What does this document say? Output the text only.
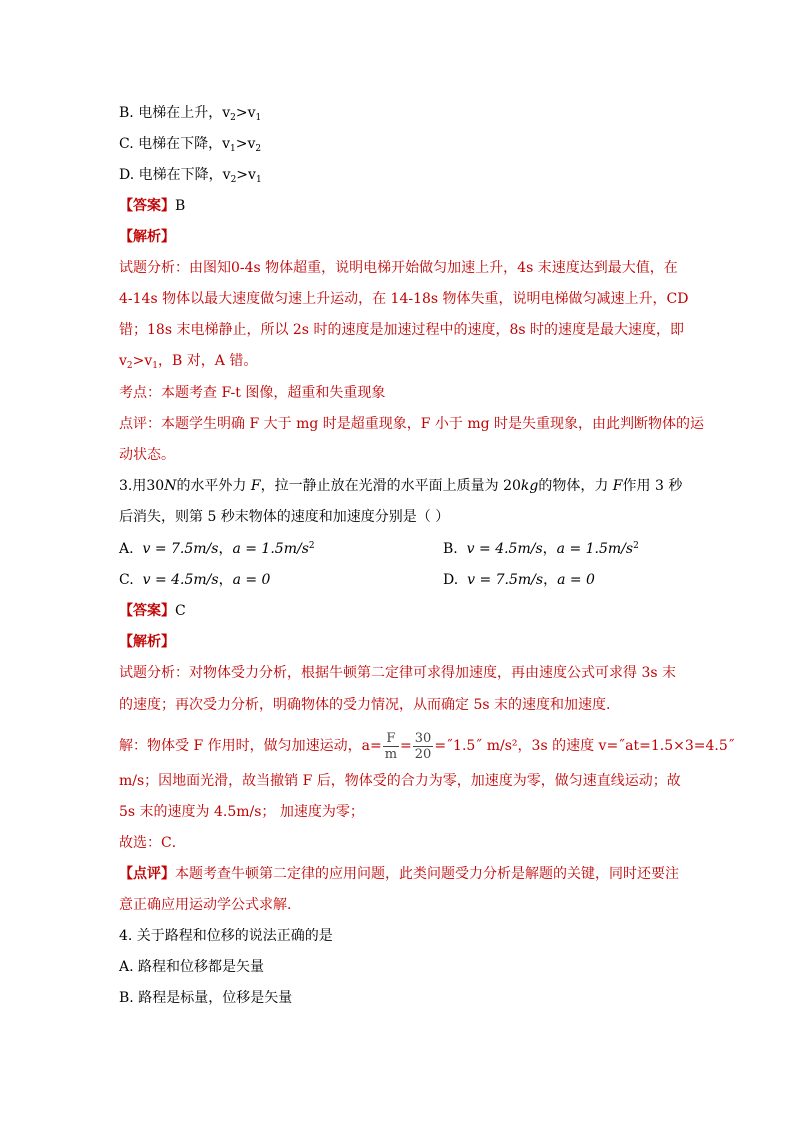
B. 电梯在上升，$v_2>v_1$
C. 电梯在下降，$v_1>v_2$
D. 电梯在下降，$v_2>v_1$
【答案】B
【解析】
试题分析：由图知0-4s 物体超重，说明电梯开始做匀加速上升，4s 末速度达到最大值，在
4-14s 物体以最大速度做匀速上升运动，在 14-18s 物体失重，说明电梯做匀减速上升，CD
错；18s 末电梯静止，所以 2s 时的速度是加速过程中的速度，8s 时的速度是最大速度，即
$v_2>v_1$，B 对，A 错。
考点：本题考查 F-t 图像，超重和失重现象
点评：本题学生明确 F 大于 mg 时是超重现象，F 小于 mg 时是失重现象，由此判断物体的运
动状态。
3.用30N的水平外力 F，拉一静止放在光滑的水平面上质量为 20kg的物体，力 F作用 3 秒
后消失，则第 5 秒末物体的速度和加速度分别是（ ）
A. v = 7.5m/s，$a = 1.5m/s^2$	B. v = 4.5m/s，$a = 1.5m/s^2$
C. v = 4.5m/s，a = 0	D. v = 7.5m/s，a = 0
【答案】C
【解析】
试题分析：对物体受力分析，根据牛顿第二定律可求得加速度，再由速度公式可求得 3s 末
的速度；再次受力分析，明确物体的受力情况，从而确定 5s 末的速度和加速度.
解：物体受 F 作用时，做匀加速运动，$a= \frac{F}{m} = \frac{30}{20}$ =˝1.5˝ m/s²，3s 的速度 v=˝at=1.5×3=4.5˝
m/s；因地面光滑，故当撤销 F 后，物体受的合力为零，加速度为零，做匀速直线运动；故
5s 末的速度为 4.5m/s； 加速度为零；
故选：C．
【点评】本题考查牛顿第二定律的应用问题，此类问题受力分析是解题的关键，同时还要注
意正确应用运动学公式求解.
4. 关于路程和位移的说法正确的是
A. 路程和位移都是矢量
B. 路程是标量，位移是矢量
